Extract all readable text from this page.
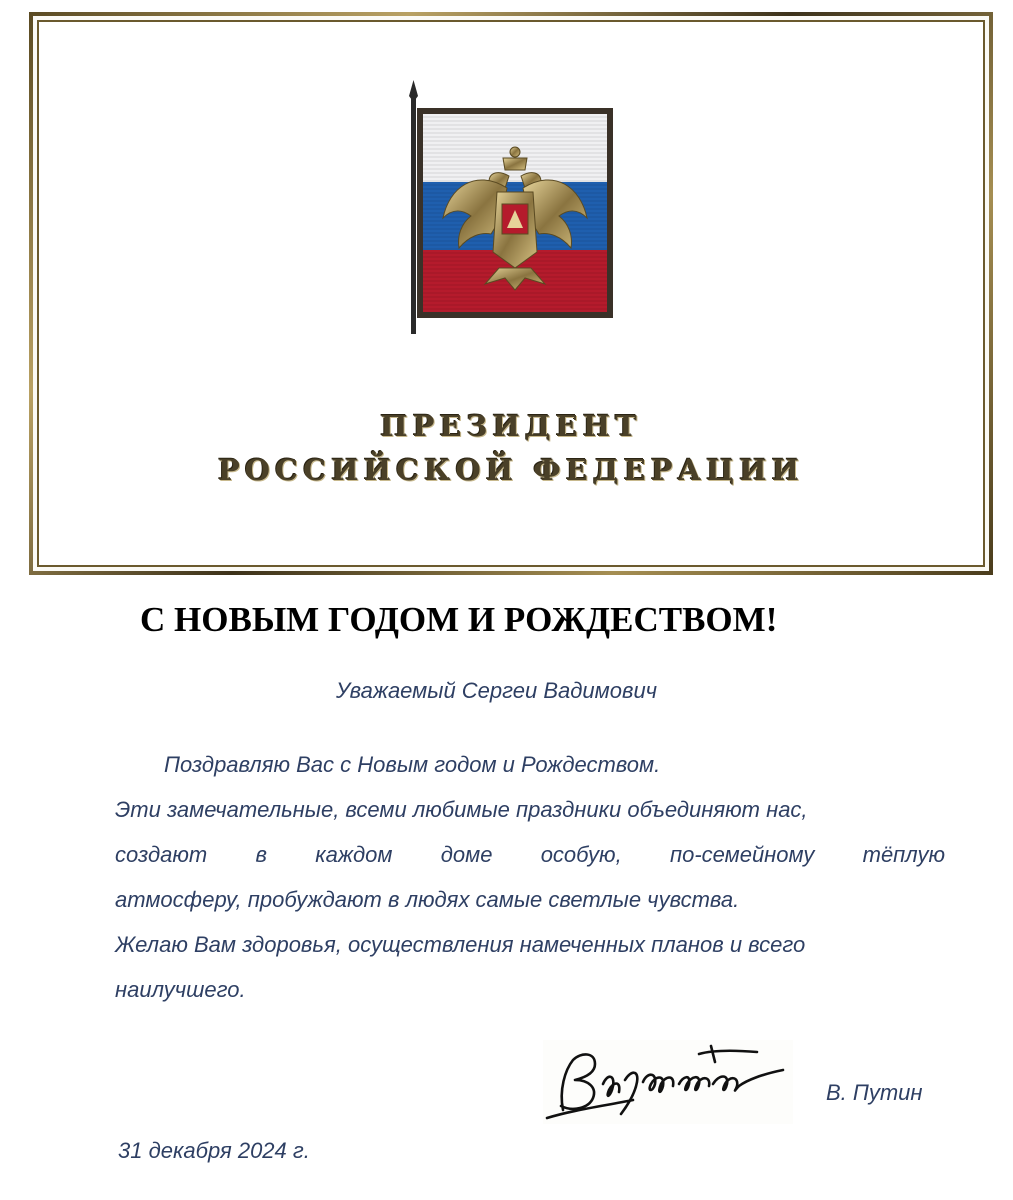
ПРЕЗИДЕНТ
РОССИЙСКОЙ ФЕДЕРАЦИИ
С НОВЫМ ГОДОМ И РОЖДЕСТВОМ!
Уважаемый Сергеи Вадимович

Поздравляю Вас с Новым годом и Рождеством.

Эти замечательные, всеми любимые праздники объединяют нас,

создают в каждом доме особую, по-семейному тёплую

атмосферу, пробуждают в людях самые светлые чувства.

Желаю Вам здоровья, осуществления намеченных планов и всего

наилучшего.

В. Путин
31 декабря 2024 г.
